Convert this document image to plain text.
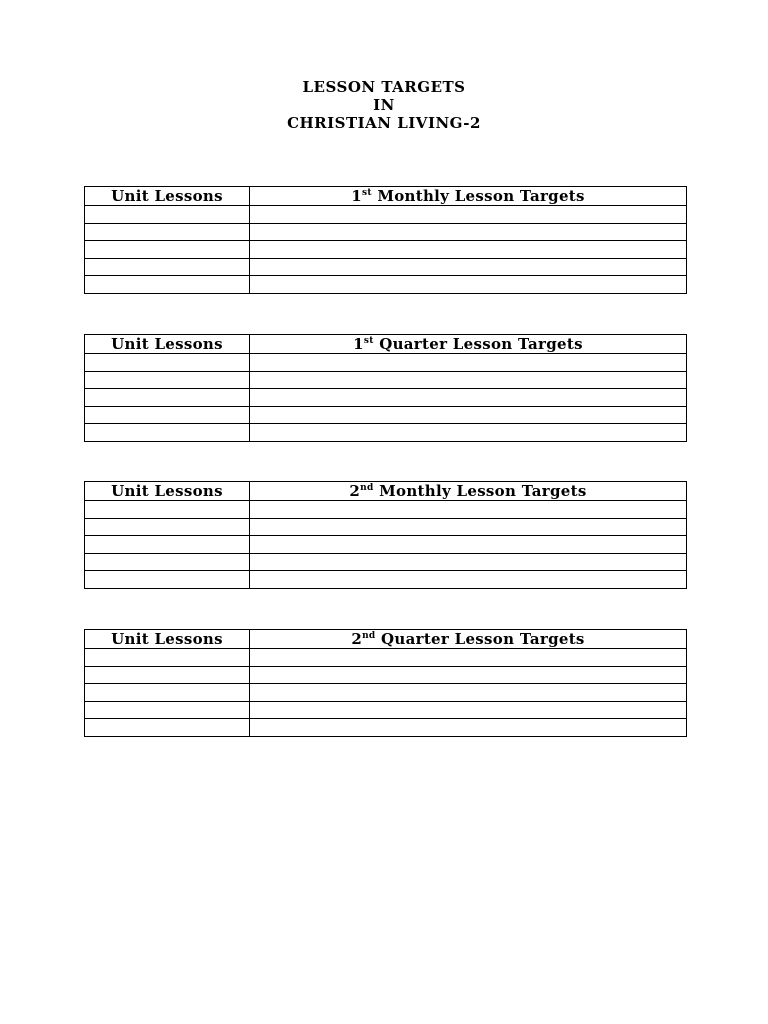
LESSON TARGETS
IN
CHRISTIAN LIVING-2
Unit Lessons	1st Monthly Lesson Targets

Unit Lessons	1st Quarter Lesson Targets

Unit Lessons	2nd Monthly Lesson Targets

Unit Lessons	2nd Quarter Lesson Targets
